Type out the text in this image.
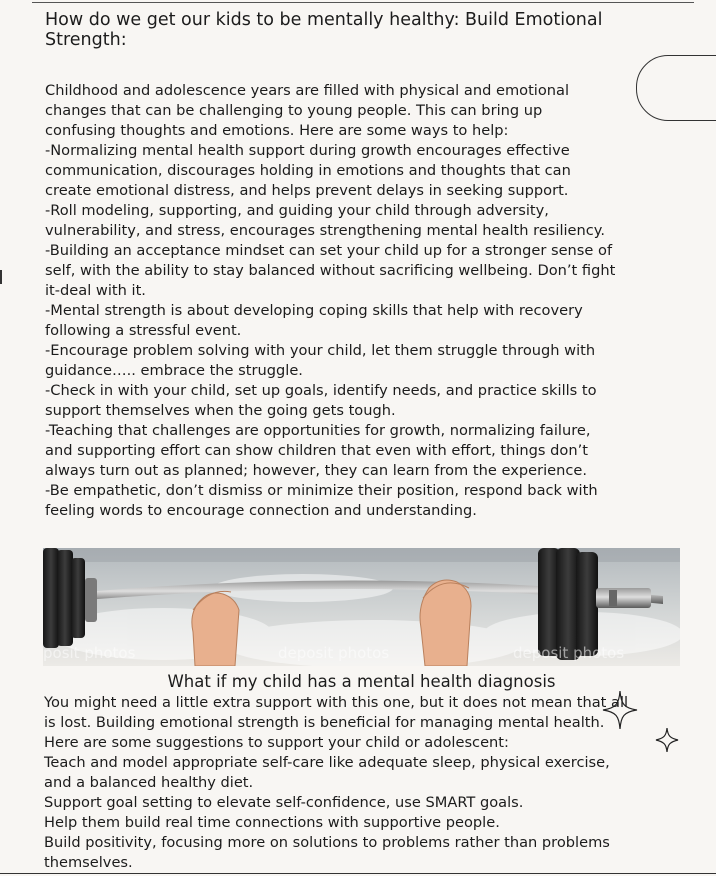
How do we get our kids to be mentally healthy: Build Emotional
Strength:
Childhood and adolescence years are filled with physical and emotional
changes that can be challenging to young people. This can bring up
confusing thoughts and emotions. Here are some ways to help:
-Normalizing mental health support during growth encourages effective
communication, discourages holding in emotions and thoughts that can
create emotional distress, and helps prevent delays in seeking support.
-Roll modeling, supporting, and guiding your child through adversity,
vulnerability, and stress, encourages strengthening mental health resiliency.
-Building an acceptance mindset can set your child up for a stronger sense of
self, with the ability to stay balanced without sacrificing wellbeing. Don’t fight
it-deal with it.
-Mental strength is about developing coping skills that help with recovery
following a stressful event.
-Encourage problem solving with your child, let them struggle through with
guidance….. embrace the struggle.
-Check in with your child, set up goals, identify needs, and practice skills to
support themselves when the going gets tough.
-Teaching that challenges are opportunities for growth, normalizing failure,
and supporting effort can show children that even with effort, things don’t
always turn out as planned; however, they can learn from the experience.
-Be empathetic, don’t dismiss or minimize their position, respond back with
feeling words to encourage connection and understanding.
posit photos	deposit photos	deposit photos
What if my child has a mental health diagnosis
You might need a little extra support with this one, but it does not mean that all
is lost. Building emotional strength is beneficial for managing mental health.
Here are some suggestions to support your child or adolescent:
Teach and model appropriate self-care like adequate sleep, physical exercise,
and a balanced healthy diet.
Support goal setting to elevate self-confidence, use SMART goals.
Help them build real time connections with supportive people.
Build positivity, focusing more on solutions to problems rather than problems
themselves.
